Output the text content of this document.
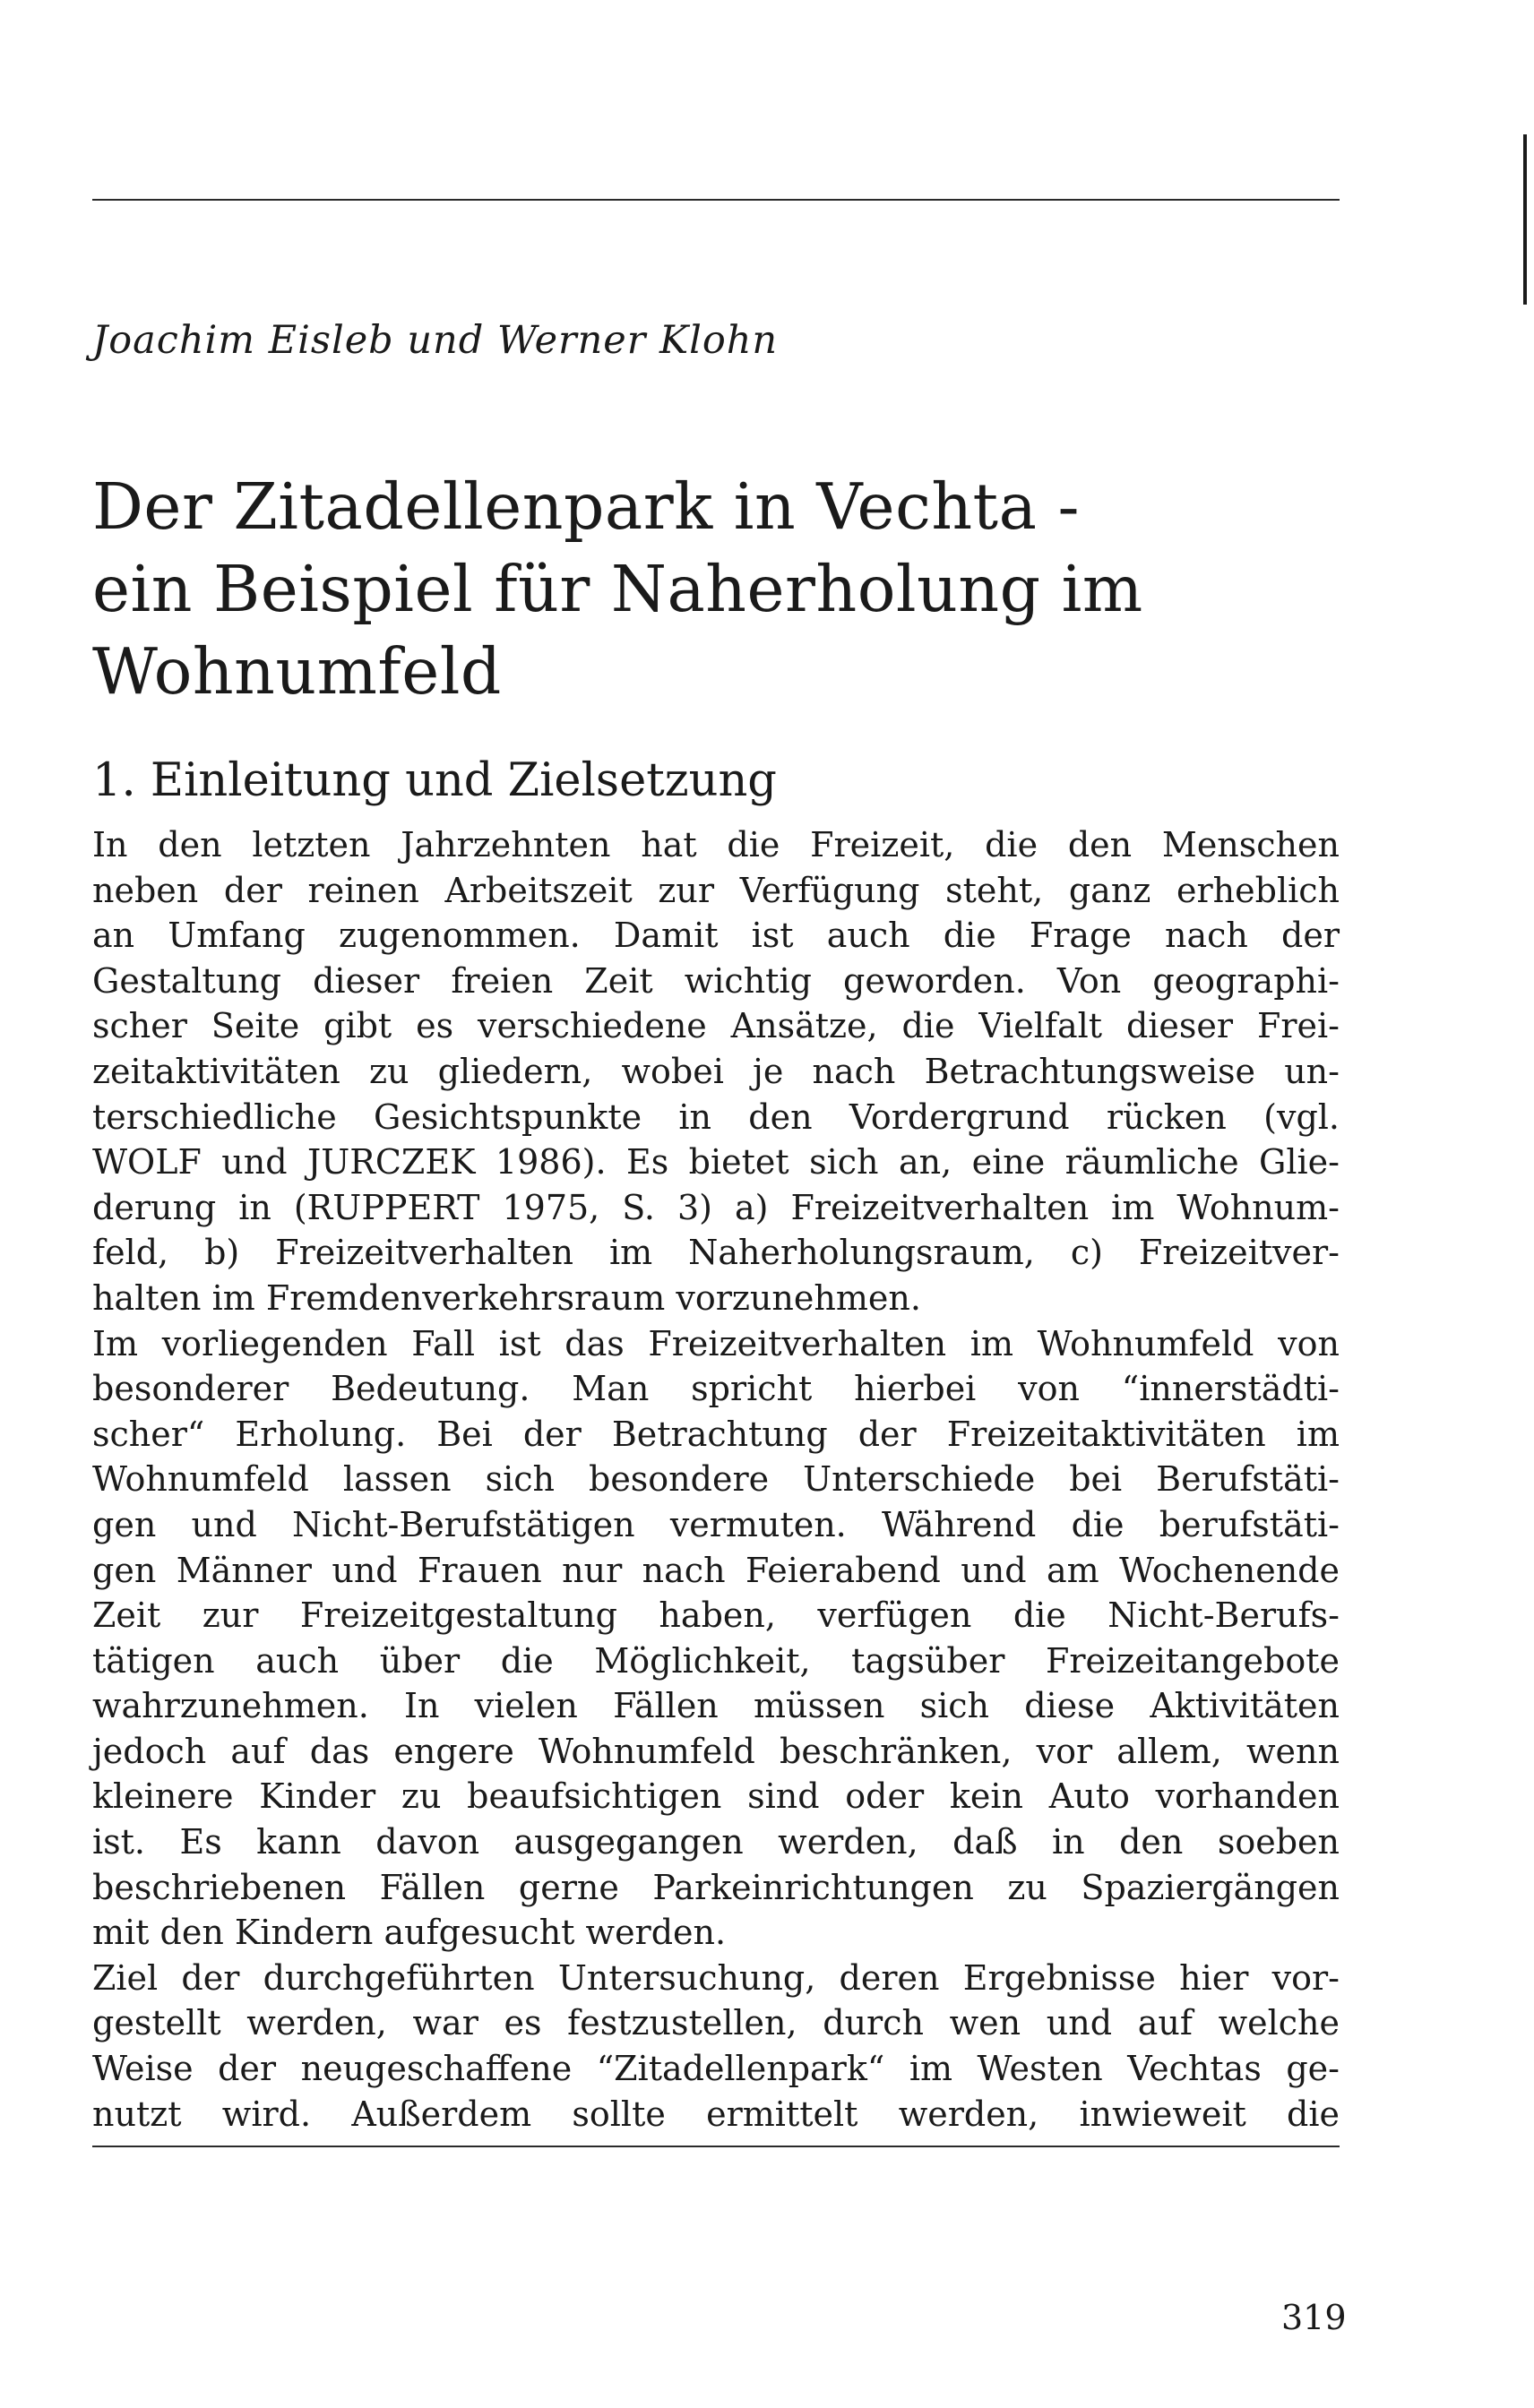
Joachim Eisleb und Werner Klohn
Der Zitadellenpark in Vechta -
ein Beispiel für Naherholung im
Wohnumfeld
1. Einleitung und Zielsetzung
In den letzten Jahrzehnten hat die Freizeit, die den Menschen
neben der reinen Arbeitszeit zur Verfügung steht, ganz erheblich
an Umfang zugenommen. Damit ist auch die Frage nach der
Gestaltung dieser freien Zeit wichtig geworden. Von geographi-
scher Seite gibt es verschiedene Ansätze, die Vielfalt dieser Frei-
zeitaktivitäten zu gliedern, wobei je nach Betrachtungsweise un-
terschiedliche Gesichtspunkte in den Vordergrund rücken (vgl.
WOLF und JURCZEK 1986). Es bietet sich an, eine räumliche Glie-
derung in (RUPPERT 1975, S. 3) a) Freizeitverhalten im Wohnum-
feld, b) Freizeitverhalten im Naherholungsraum, c) Freizeitver-
halten im Fremdenverkehrsraum vorzunehmen.
Im vorliegenden Fall ist das Freizeitverhalten im Wohnumfeld von
besonderer Bedeutung. Man spricht hierbei von “innerstädti-
scher“ Erholung. Bei der Betrachtung der Freizeitaktivitäten im
Wohnumfeld lassen sich besondere Unterschiede bei Berufstäti-
gen und Nicht-Berufstätigen vermuten. Während die berufstäti-
gen Männer und Frauen nur nach Feierabend und am Wochenende
Zeit zur Freizeitgestaltung haben, verfügen die Nicht-Berufs-
tätigen auch über die Möglichkeit, tagsüber Freizeitangebote
wahrzunehmen. In vielen Fällen müssen sich diese Aktivitäten
jedoch auf das engere Wohnumfeld beschränken, vor allem, wenn
kleinere Kinder zu beaufsichtigen sind oder kein Auto vorhanden
ist. Es kann davon ausgegangen werden, daß in den soeben
beschriebenen Fällen gerne Parkeinrichtungen zu Spaziergängen
mit den Kindern aufgesucht werden.
Ziel der durchgeführten Untersuchung, deren Ergebnisse hier vor-
gestellt werden, war es festzustellen, durch wen und auf welche
Weise der neugeschaffene “Zitadellenpark“ im Westen Vechtas ge-
nutzt wird. Außerdem sollte ermittelt werden, inwieweit die
319
